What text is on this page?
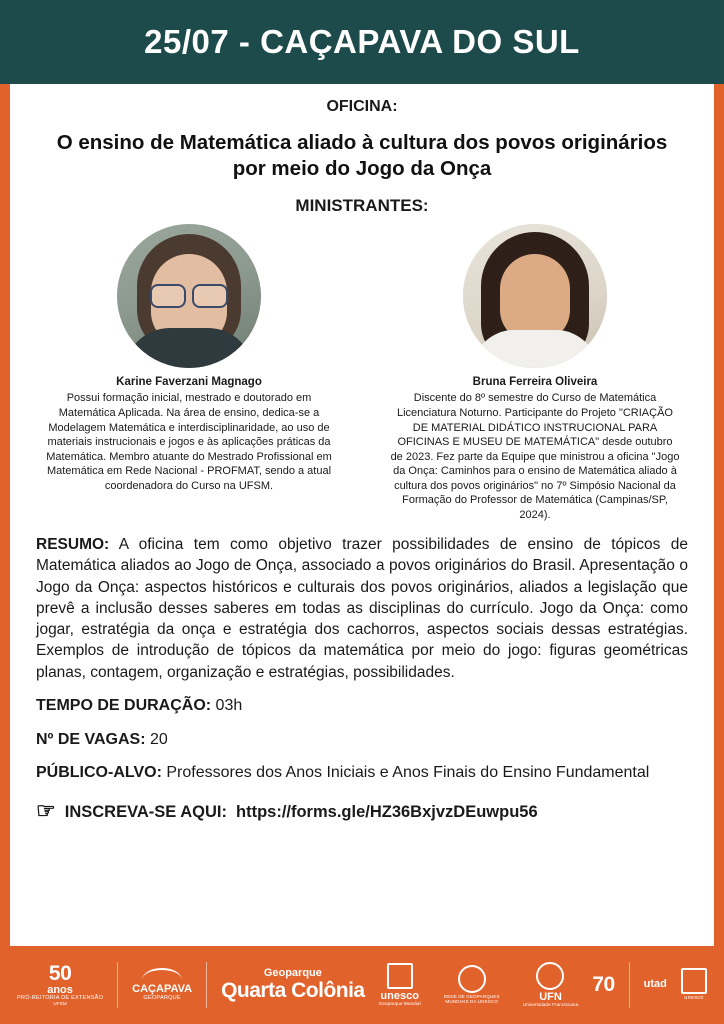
25/07 - CAÇAPAVA DO SUL
OFICINA:
O ensino de Matemática aliado à cultura dos povos originários por meio do Jogo da Onça
MINISTRANTES:
Karine Faverzani Magnago
Possui formação inicial, mestrado e doutorado em Matemática Aplicada. Na área de ensino, dedica-se a Modelagem Matemática e interdisciplinaridade, ao uso de materiais instrucionais e jogos e às aplicações práticas da Matemática. Membro atuante do Mestrado Profissional em Matemática em Rede Nacional - PROFMAT, sendo a atual coordenadora do Curso na UFSM.
Bruna Ferreira Oliveira
Discente do 8º semestre do Curso de Matemática Licenciatura Noturno. Participante do Projeto "CRIAÇÃO DE MATERIAL DIDÁTICO INSTRUCIONAL PARA OFICINAS E MUSEU DE MATEMÁTICA" desde outubro de 2023. Fez parte da Equipe que ministrou a oficina "Jogo da Onça: Caminhos para o ensino de Matemática aliado à cultura dos povos originários" no 7º Simpósio Nacional da Formação do Professor de Matemática (Campinas/SP, 2024).
RESUMO: A oficina tem como objetivo trazer possibilidades de ensino de tópicos de Matemática aliados ao Jogo de Onça, associado a povos originários do Brasil. Apresentação o Jogo da Onça: aspectos históricos e culturais dos povos originários, aliados a legislação que prevê a inclusão desses saberes em todas as disciplinas do currículo. Jogo da Onça: como jogar, estratégia da onça e estratégia dos cachorros, aspectos sociais dessas estratégias. Exemplos de introdução de tópicos da matemática por meio do jogo: figuras geométricas planas, contagem, organização e estratégias, possibilidades.
TEMPO DE DURAÇÃO: 03h
Nº DE VAGAS: 20
PÚBLICO-ALVO: Professores dos Anos Iniciais e Anos Finais do Ensino Fundamental
☞ INSCREVA-SE AQUI: https://forms.gle/HZ36BxjvzDEuwpu56
50
anos
PRÓ-REITORIA DE EXTENSÃO
UFSM
CAÇAPAVA
GEOPARQUE
Geoparque
Quarta Colônia unesco
Geoparque Mundial
REDE DE GEOPARQUES MUNDIAIS DA UNESCO	UFN
Universidade Franciscana
70	utad
unesco
